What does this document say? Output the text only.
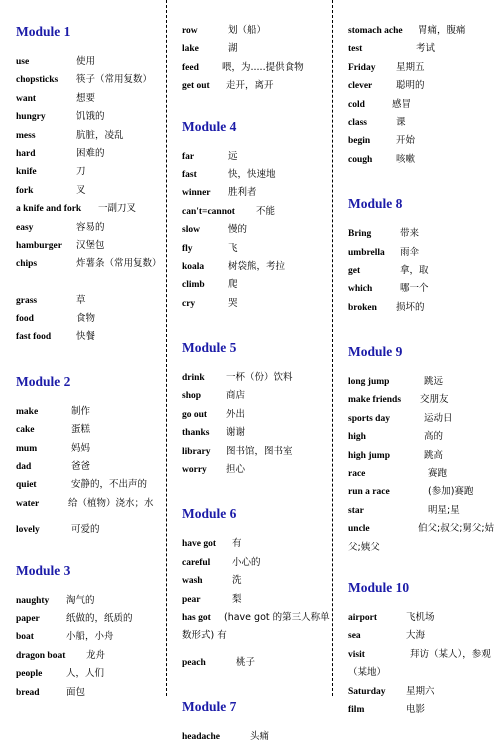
Module 1
use	使用
chopsticks 筷子（常用复数）
want	想要
hungry	饥饿的
mess	肮脏，凌乱
hard	困难的
knife	刀
fork	叉
a knife and fork 一副刀叉
easy	容易的
hamburger 汉堡包
chips	炸薯条（常用复数）
grass	草
food	食物
fast food	快餐
Module 2
make	制作
cake	蛋糕
mum	妈妈
dad	爸爸
quiet	安静的，不出声的
water	给（植物）浇水；水
lovely	可爱的
Module 3
naughty 淘气的
paper	纸做的，纸质的
boat	小船，小舟
dragon boat 龙舟
people 人，人们
bread	面包
row	划（船）
lake	湖
feed 喂，为.....提供食物
get out 走开，离开
Module 4
far	远
fast	快，快速地
winner 胜利者
can't=cannot 不能
slow	慢的
fly	飞
koala	树袋熊，考拉
climb 爬
cry	哭
Module 5
drink 一杯（份）饮料
shop	商店
go out 外出
thanks 谢谢
library 图书馆，图书室
worry 担心
Module 6
have got 有
careful 小心的
wash	洗
pear	梨
has got (have got 的第三人称单数形式) 有
peach	桃子
Module 7
headache	头痛
stomach ache 胃痛，腹痛
test	考试
Friday 星期五
clever 聪明的
cold	感冒
class	课
begin	开始
cough 咳嗽
Module 8
Bring	带来
umbrella 雨伞
get	拿，取
which	哪一个
broken 损坏的
Module 9
long jump	跳远
make friends 交朋友
sports day	运动日
high	高的
high jump	跳高
race	赛跑
run a race	(参加)赛跑
star	明星;星
uncle	伯父;叔父;舅父;姑父;姨父
Module 10
airport	飞机场
sea	大海
visit	拜访（某人），参观（某地）
Saturday 星期六
film	电影
